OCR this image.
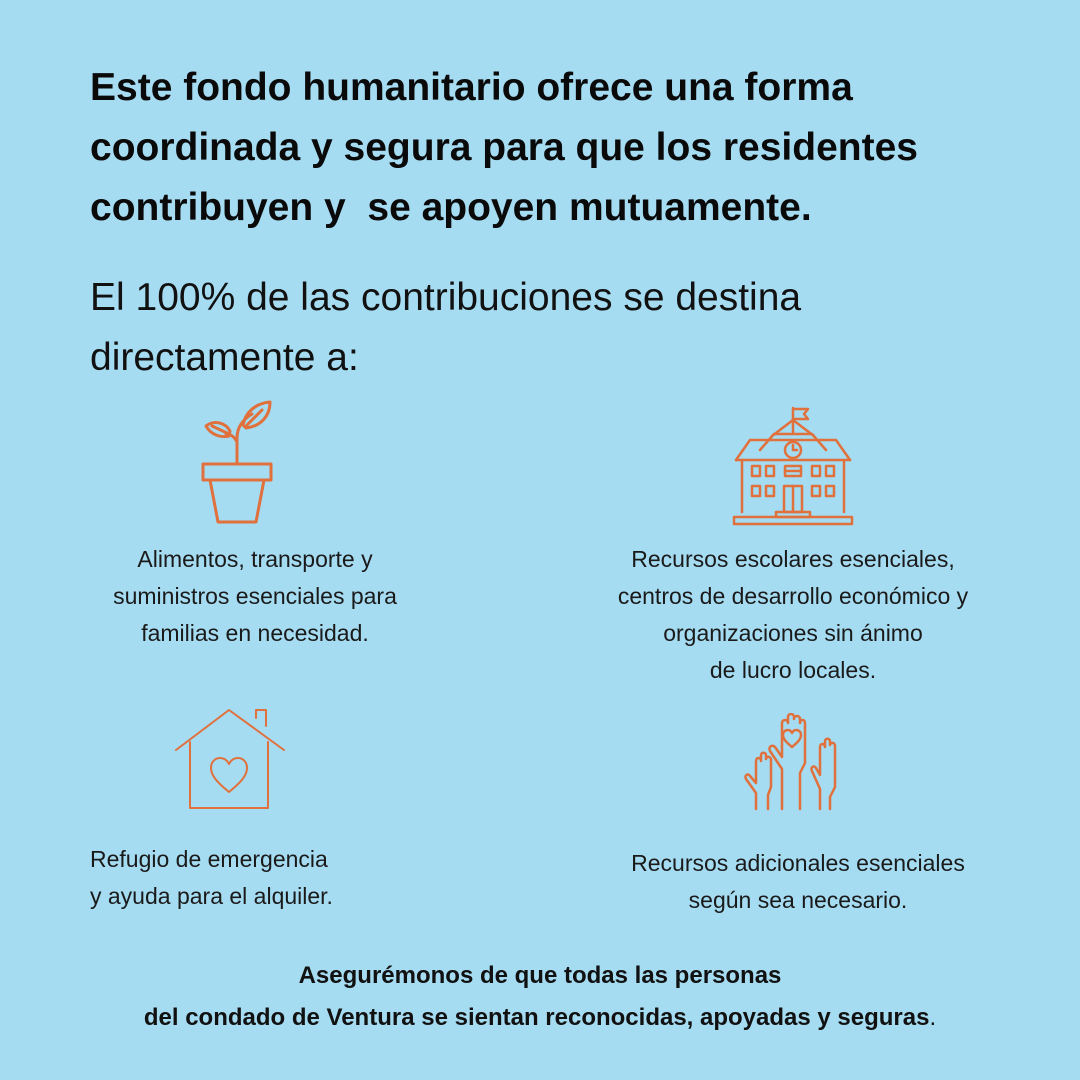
Este fondo humanitario ofrece una forma
coordinada y segura para que los residentes
contribuyen y  se apoyen mutuamente.

El 100% de las contribuciones se destina
directamente a:

Alimentos, transporte y
suministros esenciales para
familias en necesidad.

Recursos escolares esenciales,
centros de desarrollo económico y
organizaciones sin ánimo
de lucro locales.

Refugio de emergencia
y ayuda para el alquiler.

Recursos adicionales esenciales
según sea necesario.

Asegurémonos de que todas las personas
del condado de Ventura se sientan reconocidas, apoyadas y seguras.
